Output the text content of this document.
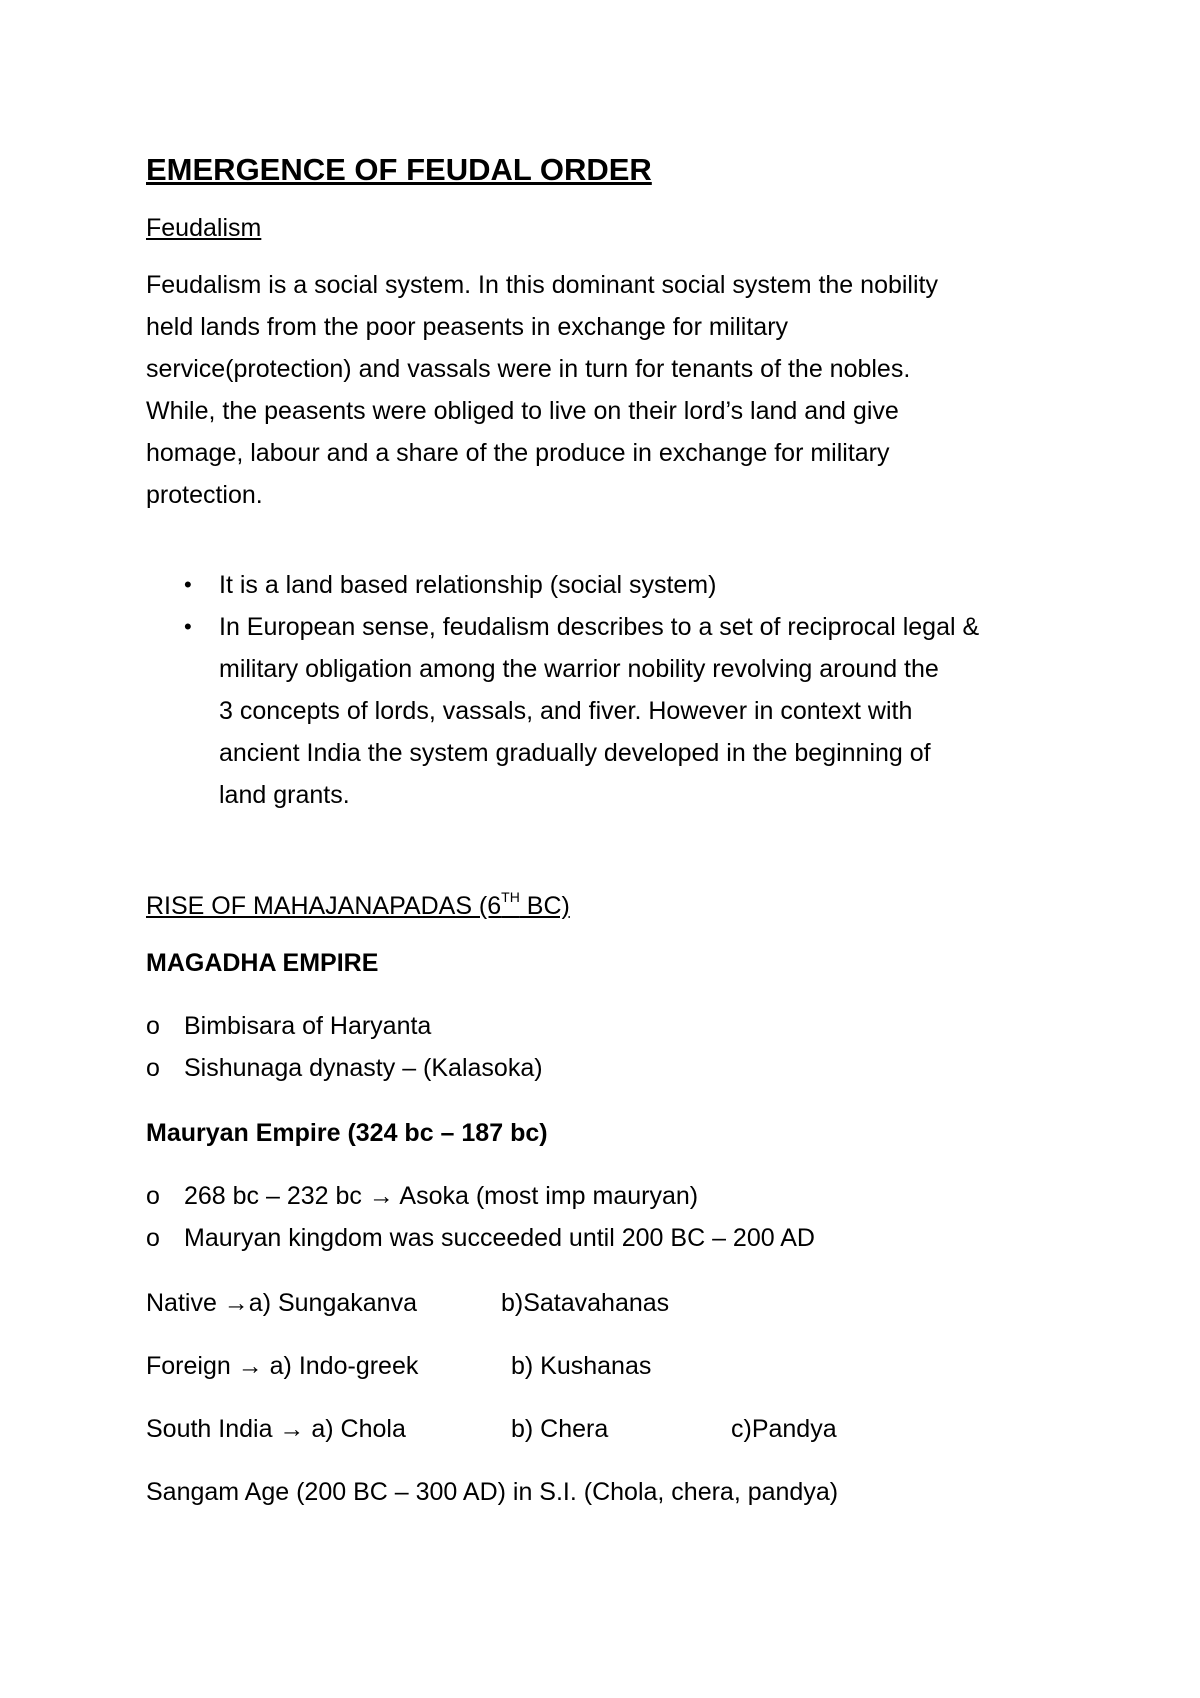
EMERGENCE OF FEUDAL ORDER
Feudalism
Feudalism is a social system. In this dominant social system the nobility
held lands from the poor peasents in exchange for military
service(protection) and vassals were in turn for tenants of the nobles.
While, the peasents were obliged to live on their lord’s land and give
homage, labour and a share of the produce in exchange for military
protection.
• It is a land based relationship (social system)
• In European sense, feudalism describes to a set of reciprocal legal &
military obligation among the warrior nobility revolving around the
3 concepts of lords, vassals, and fiver. However in context with
ancient India the system gradually developed in the beginning of
land grants.
RISE OF MAHAJANAPADAS (6TH BC)
MAGADHA EMPIRE
o Bimbisara of Haryanta
o Sishunaga dynasty – (Kalasoka)
Mauryan Empire (324 bc – 187 bc)
o 268 bc – 232 bc → Asoka (most imp mauryan)
o Mauryan kingdom was succeeded until 200 BC – 200 AD
Native →a) Sungakanva	b)Satavahanas
Foreign → a) Indo-greek	b) Kushanas
South India → a) Chola	b) Chera	c)Pandya
Sangam Age (200 BC – 300 AD) in S.I. (Chola, chera, pandya)
